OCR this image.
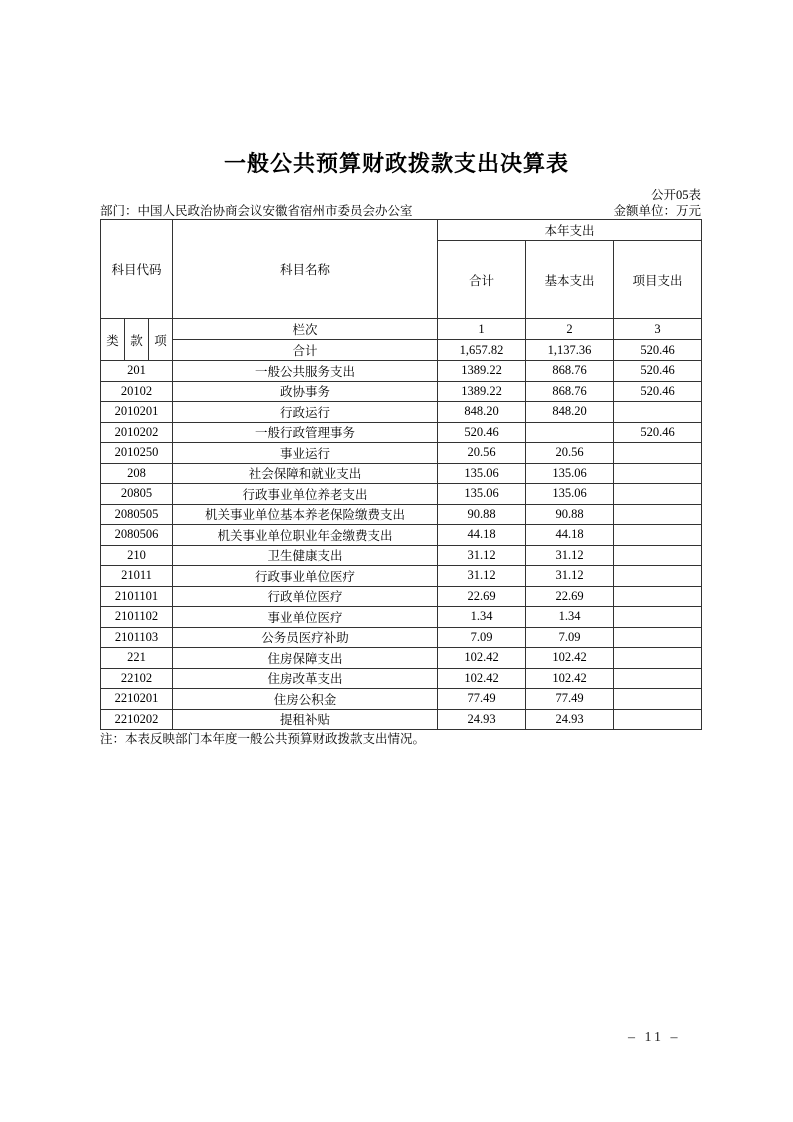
一般公共预算财政拨款支出决算表
公开05表
部门：中国人民政治协商会议安徽省宿州市委员会办公室	金额单位：万元
科目代码			科目名称	本年支出		
				合计	基本支出	项目支出
类	款	项	栏次	1	2	3
			合计	1,657.82	1,137.36	520.46
201			一般公共服务支出	1389.22	868.76	520.46
20102			政协事务	1389.22	868.76	520.46
2010201			行政运行	848.20	848.20	
2010202			一般行政管理事务	520.46		520.46
2010250			事业运行	20.56	20.56	
208			社会保障和就业支出	135.06	135.06	
20805			行政事业单位养老支出	135.06	135.06	
2080505			机关事业单位基本养老保险缴费支出	90.88	90.88	
2080506			机关事业单位职业年金缴费支出	44.18	44.18	
210			卫生健康支出	31.12	31.12	
21011			行政事业单位医疗	31.12	31.12	
2101101			行政单位医疗	22.69	22.69	
2101102			事业单位医疗	1.34	1.34	
2101103			公务员医疗补助	7.09	7.09	
221			住房保障支出	102.42	102.42	
22102			住房改革支出	102.42	102.42	
2210201			住房公积金	77.49	77.49	
2210202			提租补贴	24.93	24.93	
注：本表反映部门本年度一般公共预算财政拨款支出情况。
– 11 –
